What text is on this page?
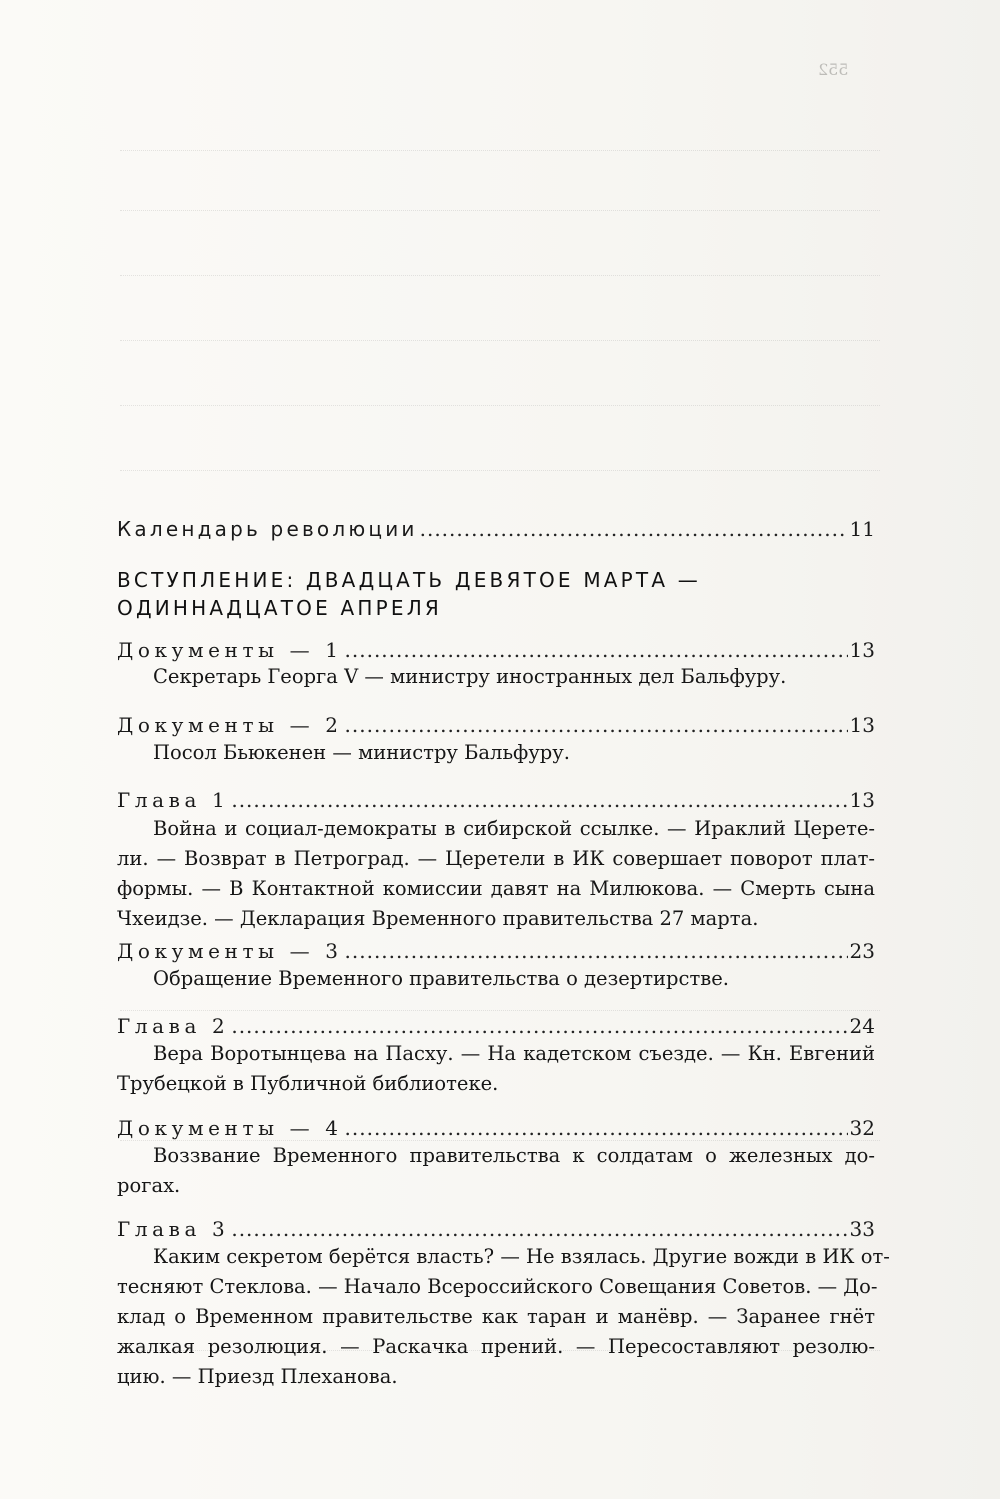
552
Календарь революции .....	11
ВСТУПЛЕНИЕ: ДВАДЦАТЬ ДЕВЯТОЕ МАРТА —
ОДИННАДЦАТОЕ АПРЕЛЯ
Документы — 1 .....	13
Секретарь Георга V — министру иностранных дел Бальфуру.
Документы — 2 .....	13
Посол Бьюкенен — министру Бальфуру.
Глава 1 .....	13
Война и социал-демократы в сибирской ссылке. — Ираклий Церете-
ли. — Возврат в Петроград. — Церетели в ИК совершает поворот плат-
формы. — В Контактной комиссии давят на Милюкова. — Смерть сына
Чхеидзе. — Декларация Временного правительства 27 марта.
Документы — 3 .....	23
Обращение Временного правительства о дезертирстве.
Глава 2 .....	24
Вера Воротынцева на Пасху. — На кадетском съезде. — Кн. Евгений
Трубецкой в Публичной библиотеке.
Документы — 4 .....	32
Воззвание Временного правительства к солдатам о железных до-
рогах.
Глава 3 .....	33
Каким секретом берётся власть? — Не взялась. Другие вожди в ИК от-
тесняют Стеклова. — Начало Всероссийского Совещания Советов. — До-
клад о Временном правительстве как таран и манёвр. — Заранее гнёт
жалкая резолюция. — Раскачка прений. — Пересоставляют резолю-
цию. — Приезд Плеханова.
